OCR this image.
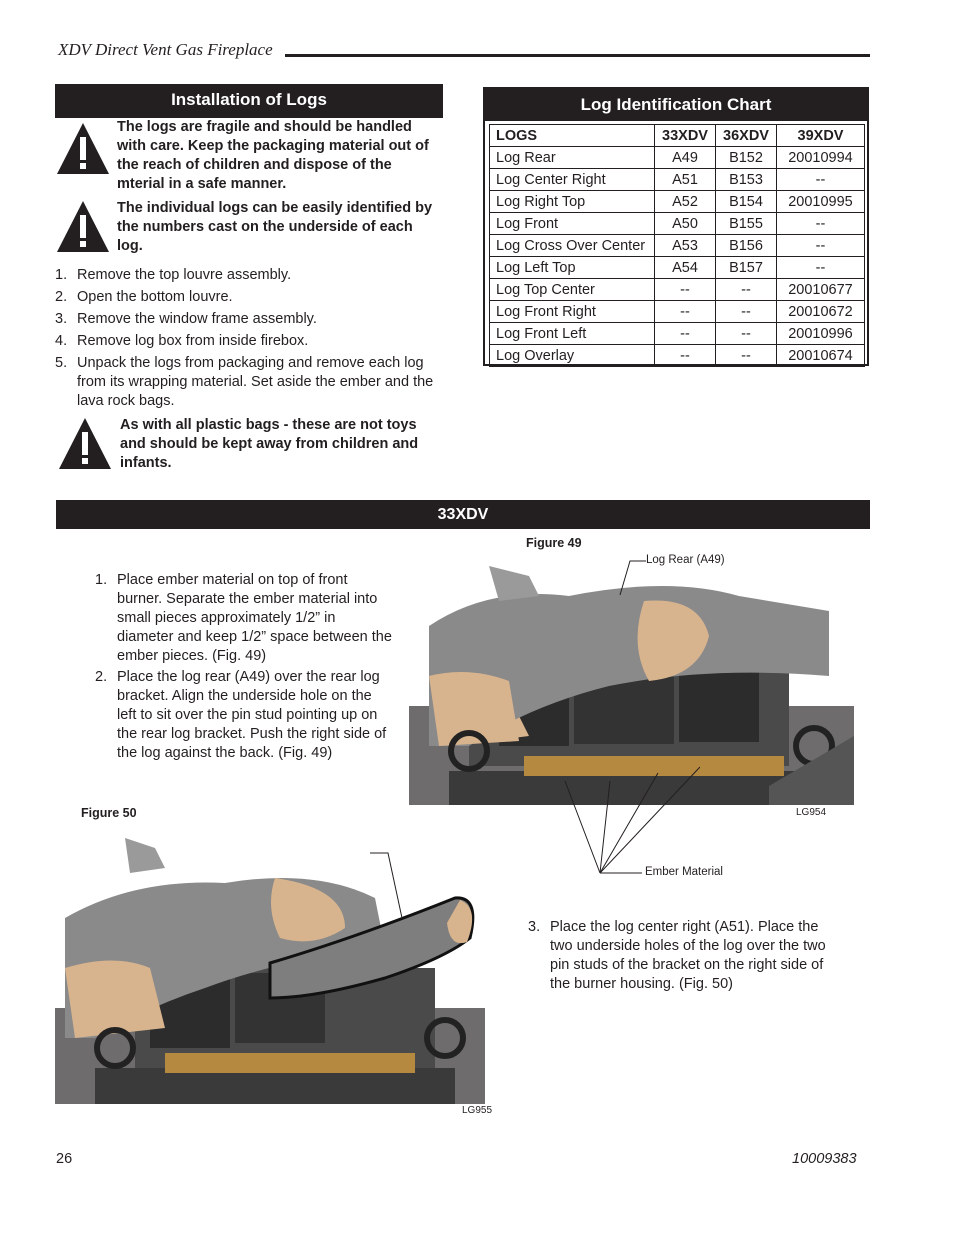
XDV Direct Vent Gas Fireplace
Installation of Logs
The logs are fragile and should be handled with care. Keep the packaging material out of the reach of children and dispose of the mterial in a safe manner.
The individual logs can be easily identified by the numbers cast on the underside of each log.
1. Remove the top louvre assembly.
2. Open the bottom louvre.
3. Remove the window frame assembly.
4. Remove log box from inside firebox.
5. Unpack the logs from packaging and remove each log from its wrapping material. Set aside the ember and the lava rock bags.
As with all plastic bags - these are not toys and should be kept away from children and infants.
Log Identification Chart
LOGS	33XDV	36XDV	39XDV
Log Rear	A49	B152	20010994
Log Center Right	A51	B153	--
Log Right Top	A52	B154	20010995
Log Front	A50	B155	--
Log Cross Over Center	A53	B156	--
Log Left Top	A54	B157	--
Log Top Center	--	--	20010677
Log Front Right	--	--	20010672
Log Front Left	--	--	20010996
Log Overlay	--	--	20010674
33XDV
Figure 49
1. Place ember material on top of front burner. Separate the ember material into small pieces approximately 1/2” in diameter and keep 1/2” space between the ember pieces. (Fig. 49)
2. Place the log rear (A49) over the rear log bracket. Align the underside hole on the left to sit over the pin stud pointing up on the rear log bracket. Push the right side of the log against the back. (Fig. 49)
Log Rear (A49)
Ember Material
LG954
Figure 50
LG955
3. Place the log center right (A51). Place the two underside holes of the log over the two pin studs of the bracket on the right side of the burner housing. (Fig. 50)
26	10009383
